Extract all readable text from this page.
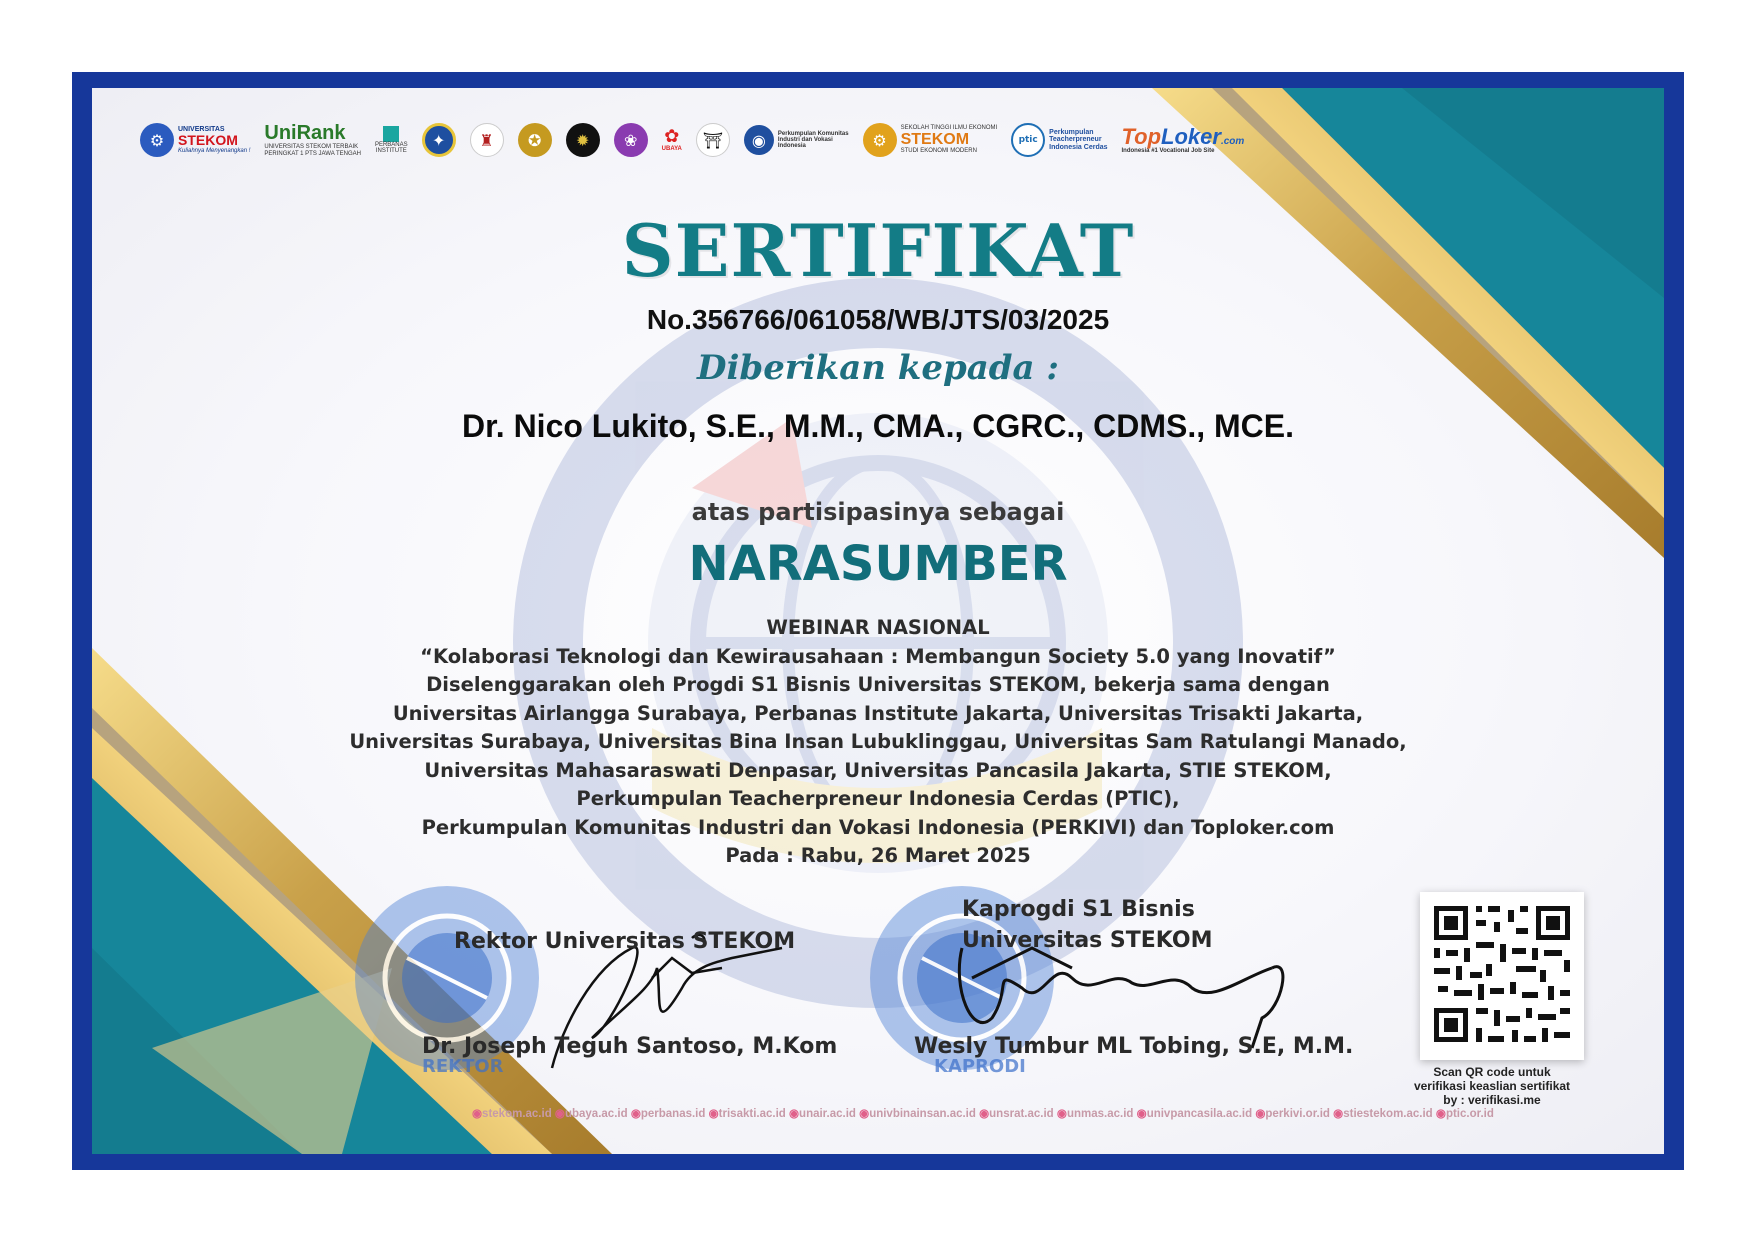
⚙
UNIVERSITAS
STEKOM
Kuliahnya Menyenangkan !
UniRank
UNIVERSITAS STEKOM TERBAIK
PERINGKAT 1 PTS JAWA TENGAH
PERBANAS
INSTITUTE
✦	♜	✪	✹	❀	✿
UBAYA	⛩	◉	Perkumpulan Komunitas
Industri dan Vokasi
Indonesia	⚙
SEKOLAH TINGGI ILMU EKONOMI
STEKOM
STUDI EKONOMI MODERN
ptic
Perkumpulan
Teacherpreneur
Indonesia Cerdas TopLoker.com
Indonesia #1 Vocational Job Site
SERTIFIKAT
No.356766/061058/WB/JTS/03/2025
Diberikan kepada :
Dr. Nico Lukito, S.E., M.M., CMA., CGRC., CDMS., MCE.
atas partisipasinya sebagai
NARASUMBER
WEBINAR NASIONAL
“Kolaborasi Teknologi dan Kewirausahaan : Membangun Society 5.0 yang Inovatif”
Diselenggarakan oleh Progdi S1 Bisnis Universitas STEKOM, bekerja sama dengan
Universitas Airlangga Surabaya, Perbanas Institute Jakarta, Universitas Trisakti Jakarta,
Universitas Surabaya, Universitas Bina Insan Lubuklinggau, Universitas Sam Ratulangi Manado,
Universitas Mahasaraswati Denpasar, Universitas Pancasila Jakarta, STIE STEKOM,
Perkumpulan Teacherpreneur Indonesia Cerdas (PTIC),
Perkumpulan Komunitas Industri dan Vokasi Indonesia (PERKIVI) dan Toploker.com
Pada : Rabu, 26 Maret 2025
Rektor Universitas STEKOM
Dr. Joseph Teguh Santoso, M.Kom
REKTOR
Kaprogdi S1 Bisnis
Universitas STEKOM
Wesly Tumbur ML Tobing, S.E, M.M.
KAPRODI
◉stekom.ac.id ◉ubaya.ac.id ◉perbanas.id ◉trisakti.ac.id ◉unair.ac.id ◉univbinainsan.ac.id ◉unsrat.ac.id ◉unmas.ac.id ◉univpancasila.ac.id ◉perkivi.or.id ◉stiestekom.ac.id ◉ptic.or.id
Scan QR code untuk
verifikasi keaslian sertifikat
by : verifikasi.me
